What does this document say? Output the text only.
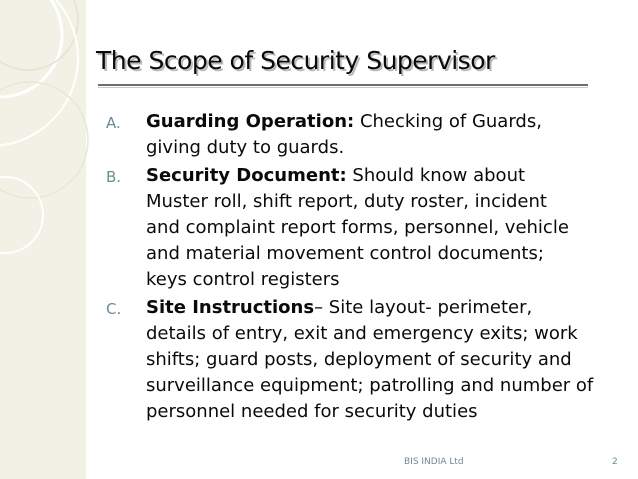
The Scope of Security Supervisor
A. Guarding Operation: Checking of Guards,
giving duty to guards.
B. Security Document: Should know about
Muster roll, shift report, duty roster, incident
and complaint report forms, personnel, vehicle
and material movement control documents;
keys control registers
C. Site Instructions– Site layout- perimeter,
details of entry, exit and emergency exits; work
shifts; guard posts, deployment of security and
surveillance equipment; patrolling and number of
personnel needed for security duties
BIS INDIA Ltd	2
